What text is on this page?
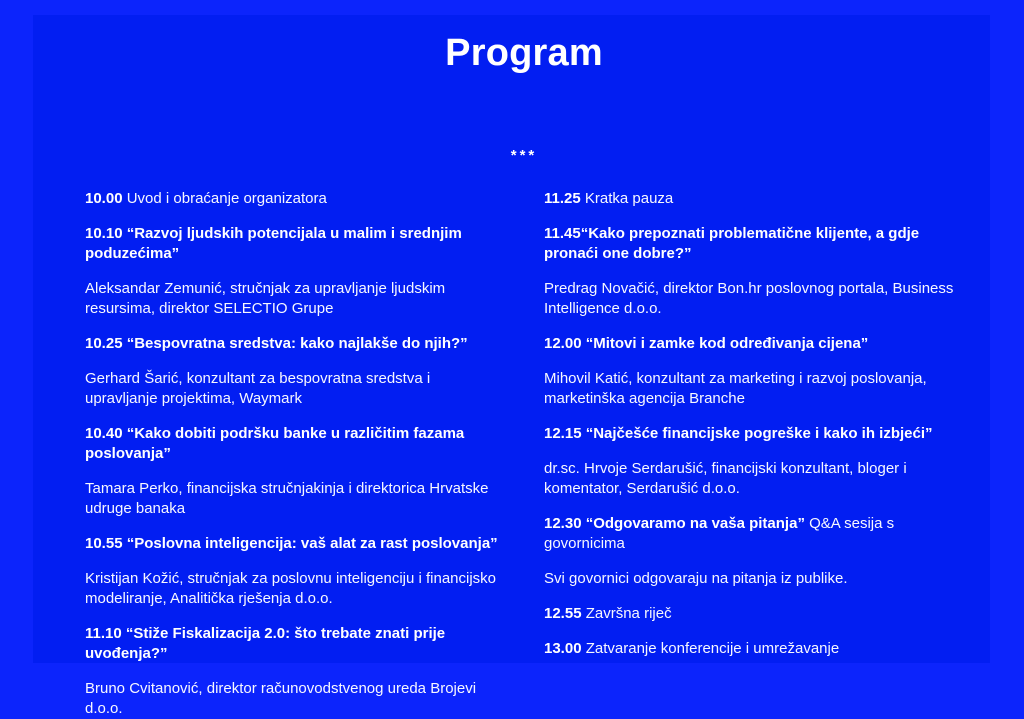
Program
***

10.00 Uvod i obraćanje organizatora

10.10 “Razvoj ljudskih potencijala u malim i srednjim poduzećima”

Aleksandar Zemunić, stručnjak za upravljanje ljudskim resursima, direktor SELECTIO Grupe

10.25 “Bespovratna sredstva: kako najlakše do njih?”

Gerhard Šarić, konzultant za bespovratna sredstva i upravljanje projektima, Waymark

10.40 “Kako dobiti podršku banke u različitim fazama poslovanja”

Tamara Perko, financijska stručnjakinja i direktorica Hrvatske udruge banaka

10.55 “Poslovna inteligencija: vaš alat za rast poslovanja”

Kristijan Kožić, stručnjak za poslovnu inteligenciju i financijsko modeliranje, Analitička rješenja d.o.o.

11.10 “Stiže Fiskalizacija 2.0: što trebate znati prije uvođenja?”

Bruno Cvitanović, direktor računovodstvenog ureda Brojevi d.o.o.

11.25 Kratka pauza

11.45“Kako prepoznati problematične klijente, a gdje pronaći one dobre?”

Predrag Novačić, direktor Bon.hr poslovnog portala, Business Intelligence d.o.o.

12.00 “Mitovi i zamke kod određivanja cijena”

Mihovil Katić, konzultant za marketing i razvoj poslovanja, marketinška agencija Branche

12.15 “Najčešće financijske pogreške i kako ih izbjeći”

dr.sc. Hrvoje Serdarušić, financijski konzultant, bloger i komentator, Serdarušić d.o.o.

12.30 “Odgovaramo na vaša pitanja” Q&A sesija s govornicima

Svi govornici odgovaraju na pitanja iz publike.

12.55 Završna riječ

13.00 Zatvaranje konferencije i umrežavanje
